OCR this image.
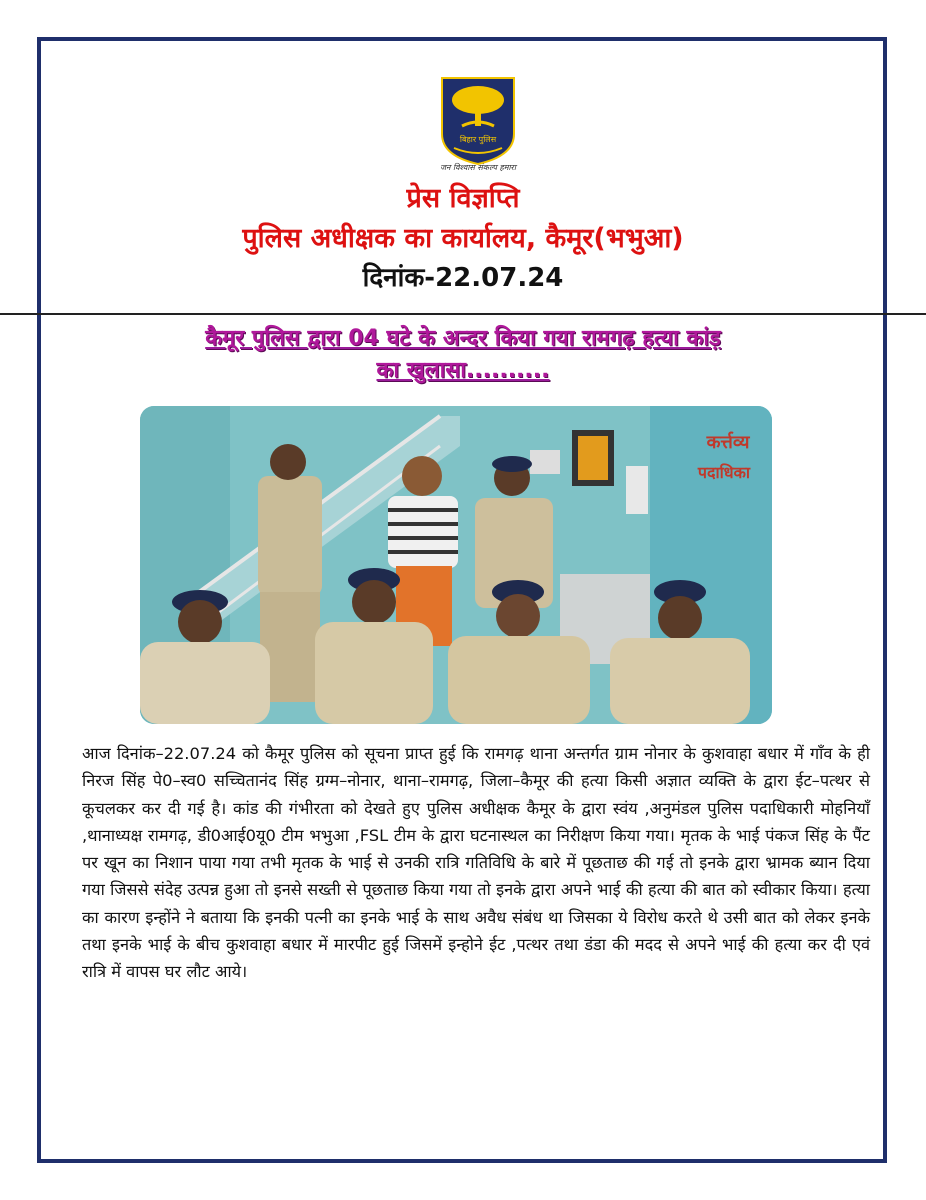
बिहार पुलिस
जन विश्वास संकल्प हमारा
प्रेस विज्ञप्ति
पुलिस अधीक्षक का कार्यालय, कैमूर(भभुआ)
दिनांक-22.07.24
कैमूर पुलिस द्वारा 04 घटे के अन्दर किया गया रामगढ़ हत्या कांड़
का खुलासा..........
कर्त्तव्य
पदाधिका
आज दिनांक–22.07.24 को कैमूर पुलिस को सूचना प्राप्त हुई कि रामगढ़ थाना अन्तर्गत ग्राम नोनार के कुशवाहा बधार में गाँव के ही निरज सिंह पे0–स्व0 सच्चितानंद सिंह ग्रग्म–नोनार, थाना–रामगढ़, जिला–कैमूर की हत्या किसी अज्ञात व्यक्ति के द्वारा ईट–पत्थर से कूचलकर कर दी गई है। कांड की गंभीरता को देखते हुए पुलिस अधीक्षक कैमूर के द्वारा स्वंय ,अनुमंडल पुलिस पदाधिकारी मोहनियाँ ,थानाध्यक्ष रामगढ़, डी0आई0यू0 टीम भभुआ ,FSL टीम के द्वारा घटनास्थल का निरीक्षण किया गया। मृतक के भाई पंकज सिंह के पैंट पर खून का निशान पाया गया तभी मृतक के भाई से उनकी रात्रि गतिविधि के बारे में पूछताछ की गई तो इनके द्वारा भ्रामक ब्यान दिया गया जिससे संदेह उत्पन्न हुआ तो इनसे सख्ती से पूछताछ किया गया तो इनके द्वारा अपने भाई की हत्या की बात को स्वीकार किया। हत्या का कारण इन्होंने ने बताया कि इनकी पत्नी का इनके भाई के साथ अवैध संबंध था जिसका ये विरोध करते थे उसी बात को लेकर इनके तथा इनके भाई के बीच कुशवाहा बधार में मारपीट हुई जिसमें इन्होने ईट ,पत्थर तथा डंडा की मदद से अपने भाई की हत्या कर दी एवं रात्रि में वापस घर लौट आये।
